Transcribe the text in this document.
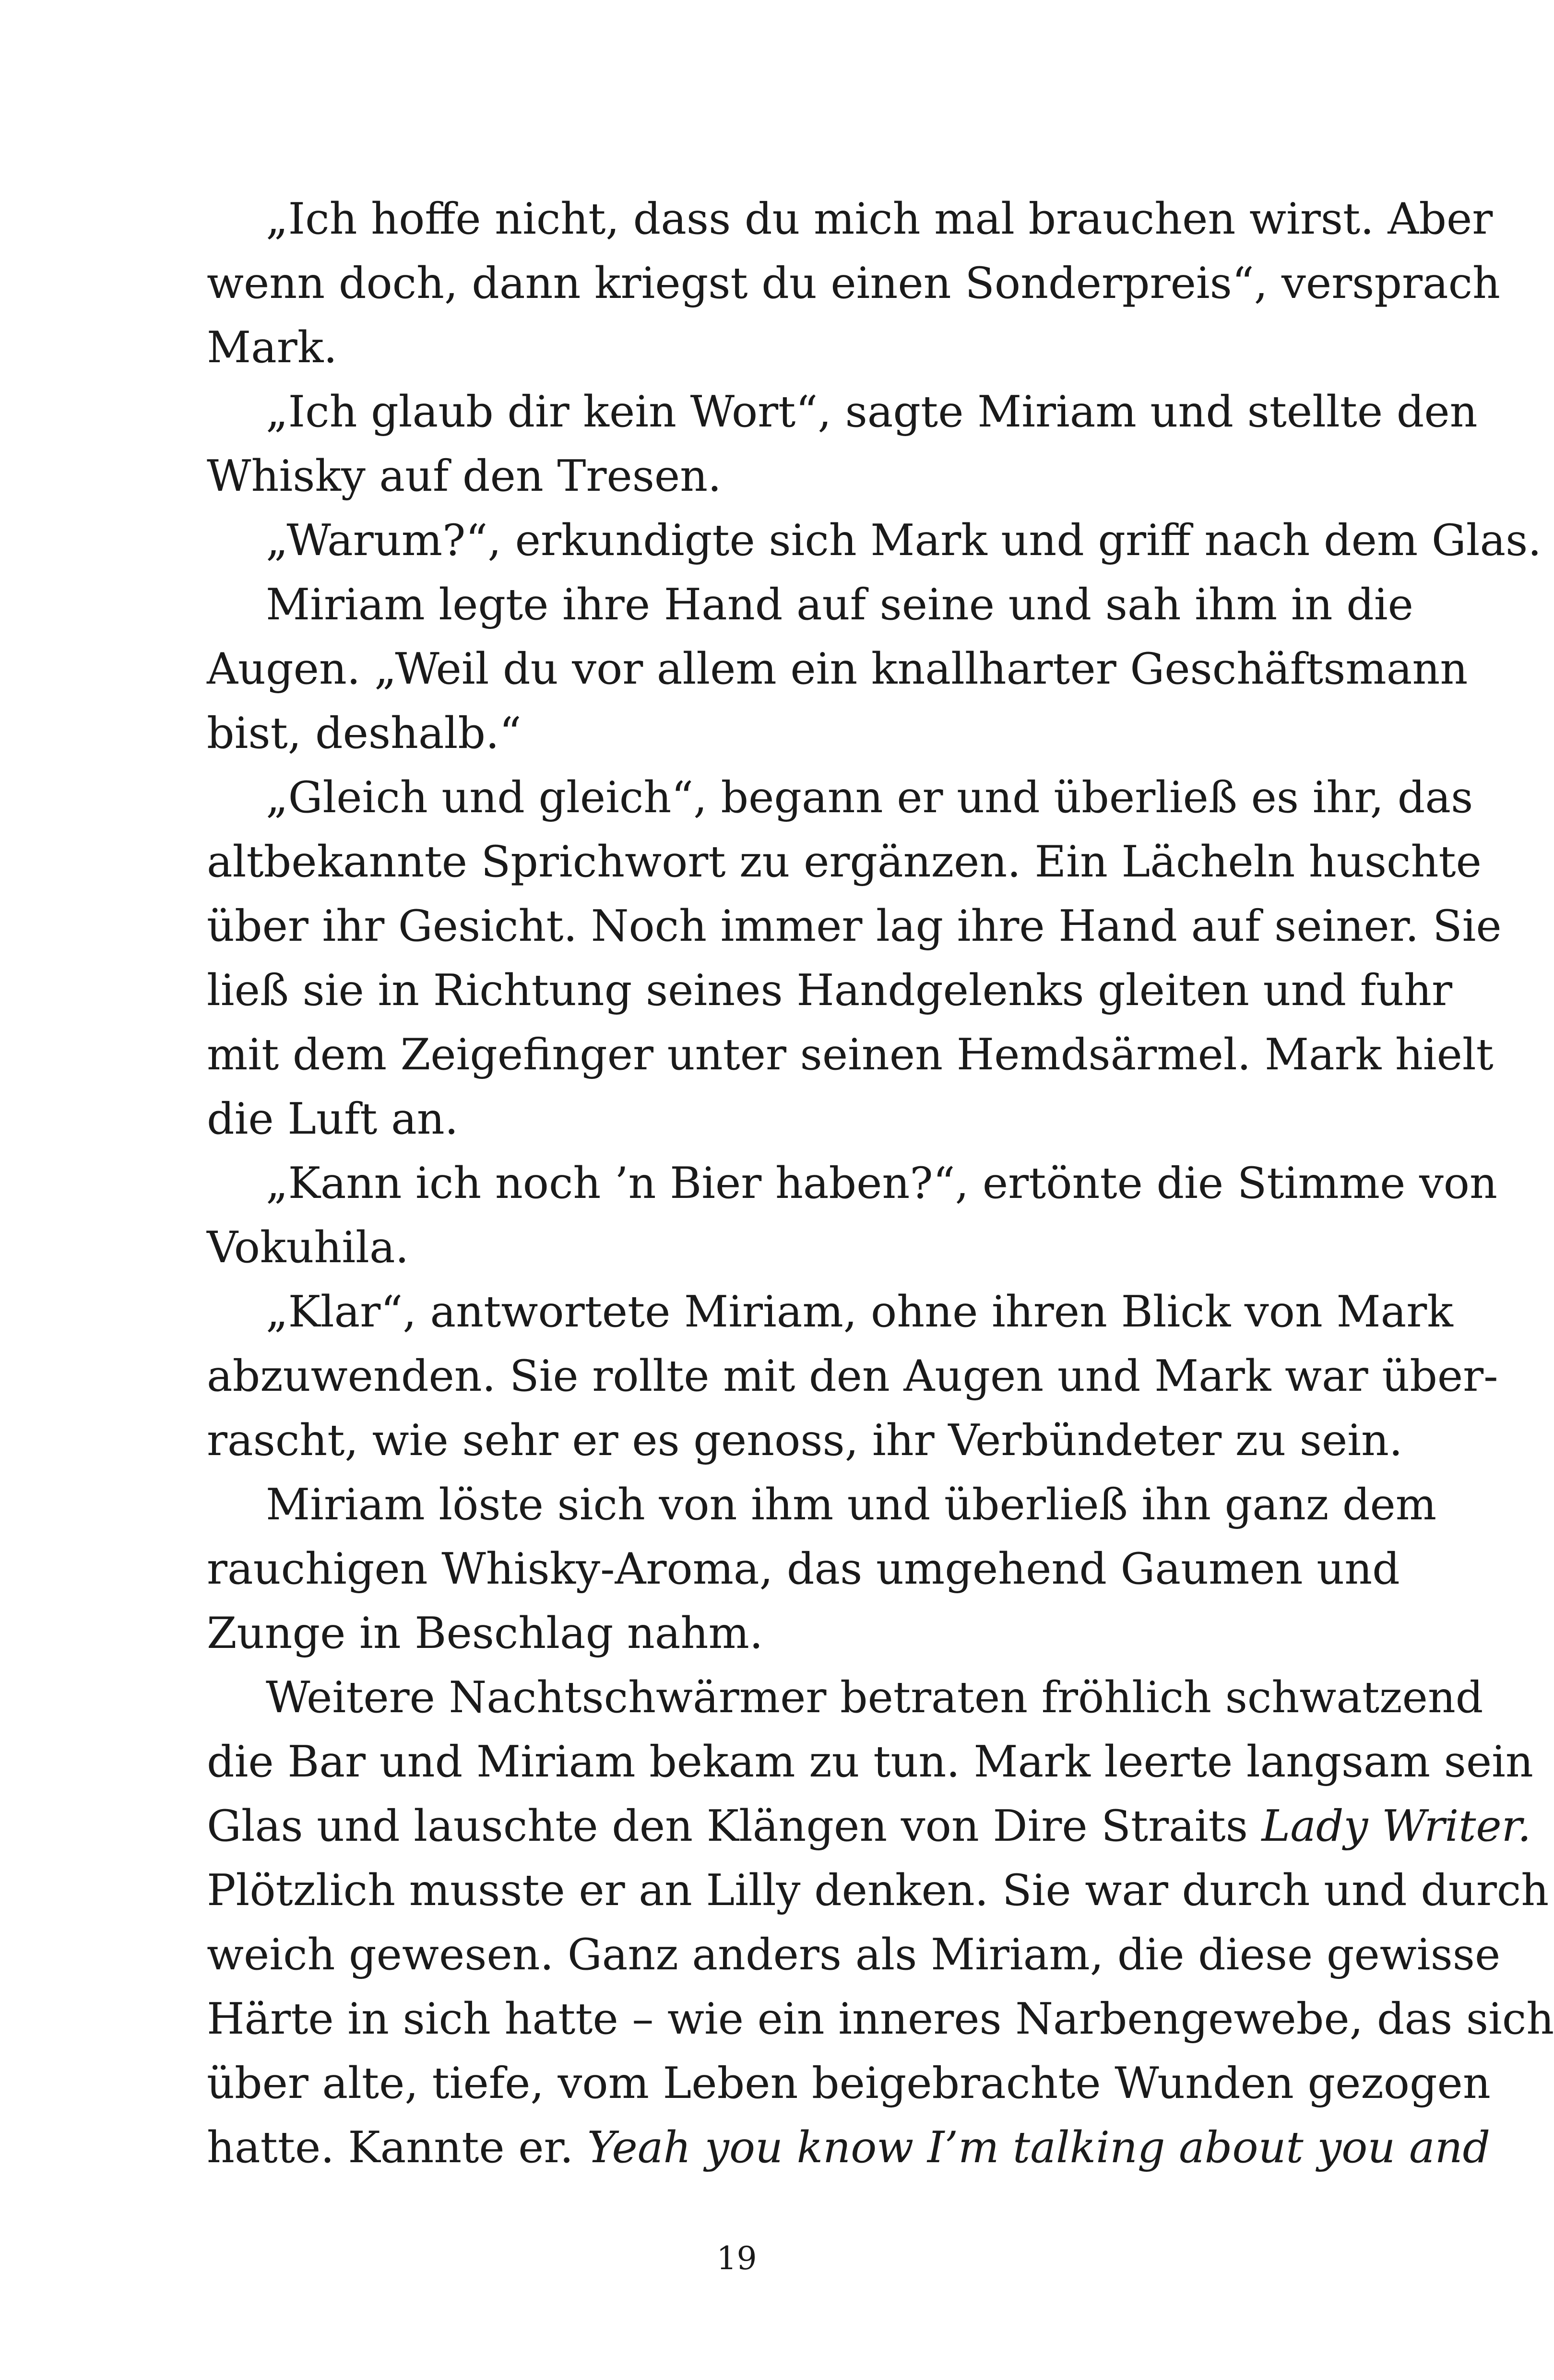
„Ich hoffe nicht, dass du mich mal brauchen wirst. Aber
wenn doch, dann kriegst du einen Sonderpreis“, versprach
Mark.
„Ich glaub dir kein Wort“, sagte Miriam und stellte den
Whisky auf den Tresen.
„Warum?“, erkundigte sich Mark und griff nach dem Glas.
Miriam legte ihre Hand auf seine und sah ihm in die
Augen. „Weil du vor allem ein knallharter Geschäftsmann
bist, deshalb.“
„Gleich und gleich“, begann er und überließ es ihr, das
altbekannte Sprichwort zu ergänzen. Ein Lächeln huschte
über ihr Gesicht. Noch immer lag ihre Hand auf seiner. Sie
ließ sie in Richtung seines Handgelenks gleiten und fuhr
mit dem Zeigefinger unter seinen Hemdsärmel. Mark hielt
die Luft an.
„Kann ich noch ’n Bier haben?“, ertönte die Stimme von
Vokuhila.
„Klar“, antwortete Miriam, ohne ihren Blick von Mark
abzuwenden. Sie rollte mit den Augen und Mark war über-
rascht, wie sehr er es genoss, ihr Verbündeter zu sein.
Miriam löste sich von ihm und überließ ihn ganz dem
rauchigen Whisky-Aroma, das umgehend Gaumen und
Zunge in Beschlag nahm.
Weitere Nachtschwärmer betraten fröhlich schwatzend
die Bar und Miriam bekam zu tun. Mark leerte langsam sein
Glas und lauschte den Klängen von Dire Straits Lady Writer.
Plötzlich musste er an Lilly denken. Sie war durch und durch
weich gewesen. Ganz anders als Miriam, die diese gewisse
Härte in sich hatte – wie ein inneres Narbengewebe, das sich
über alte, tiefe, vom Leben beigebrachte Wunden gezogen
hatte. Kannte er. Yeah you know I’m talking about you and
19
